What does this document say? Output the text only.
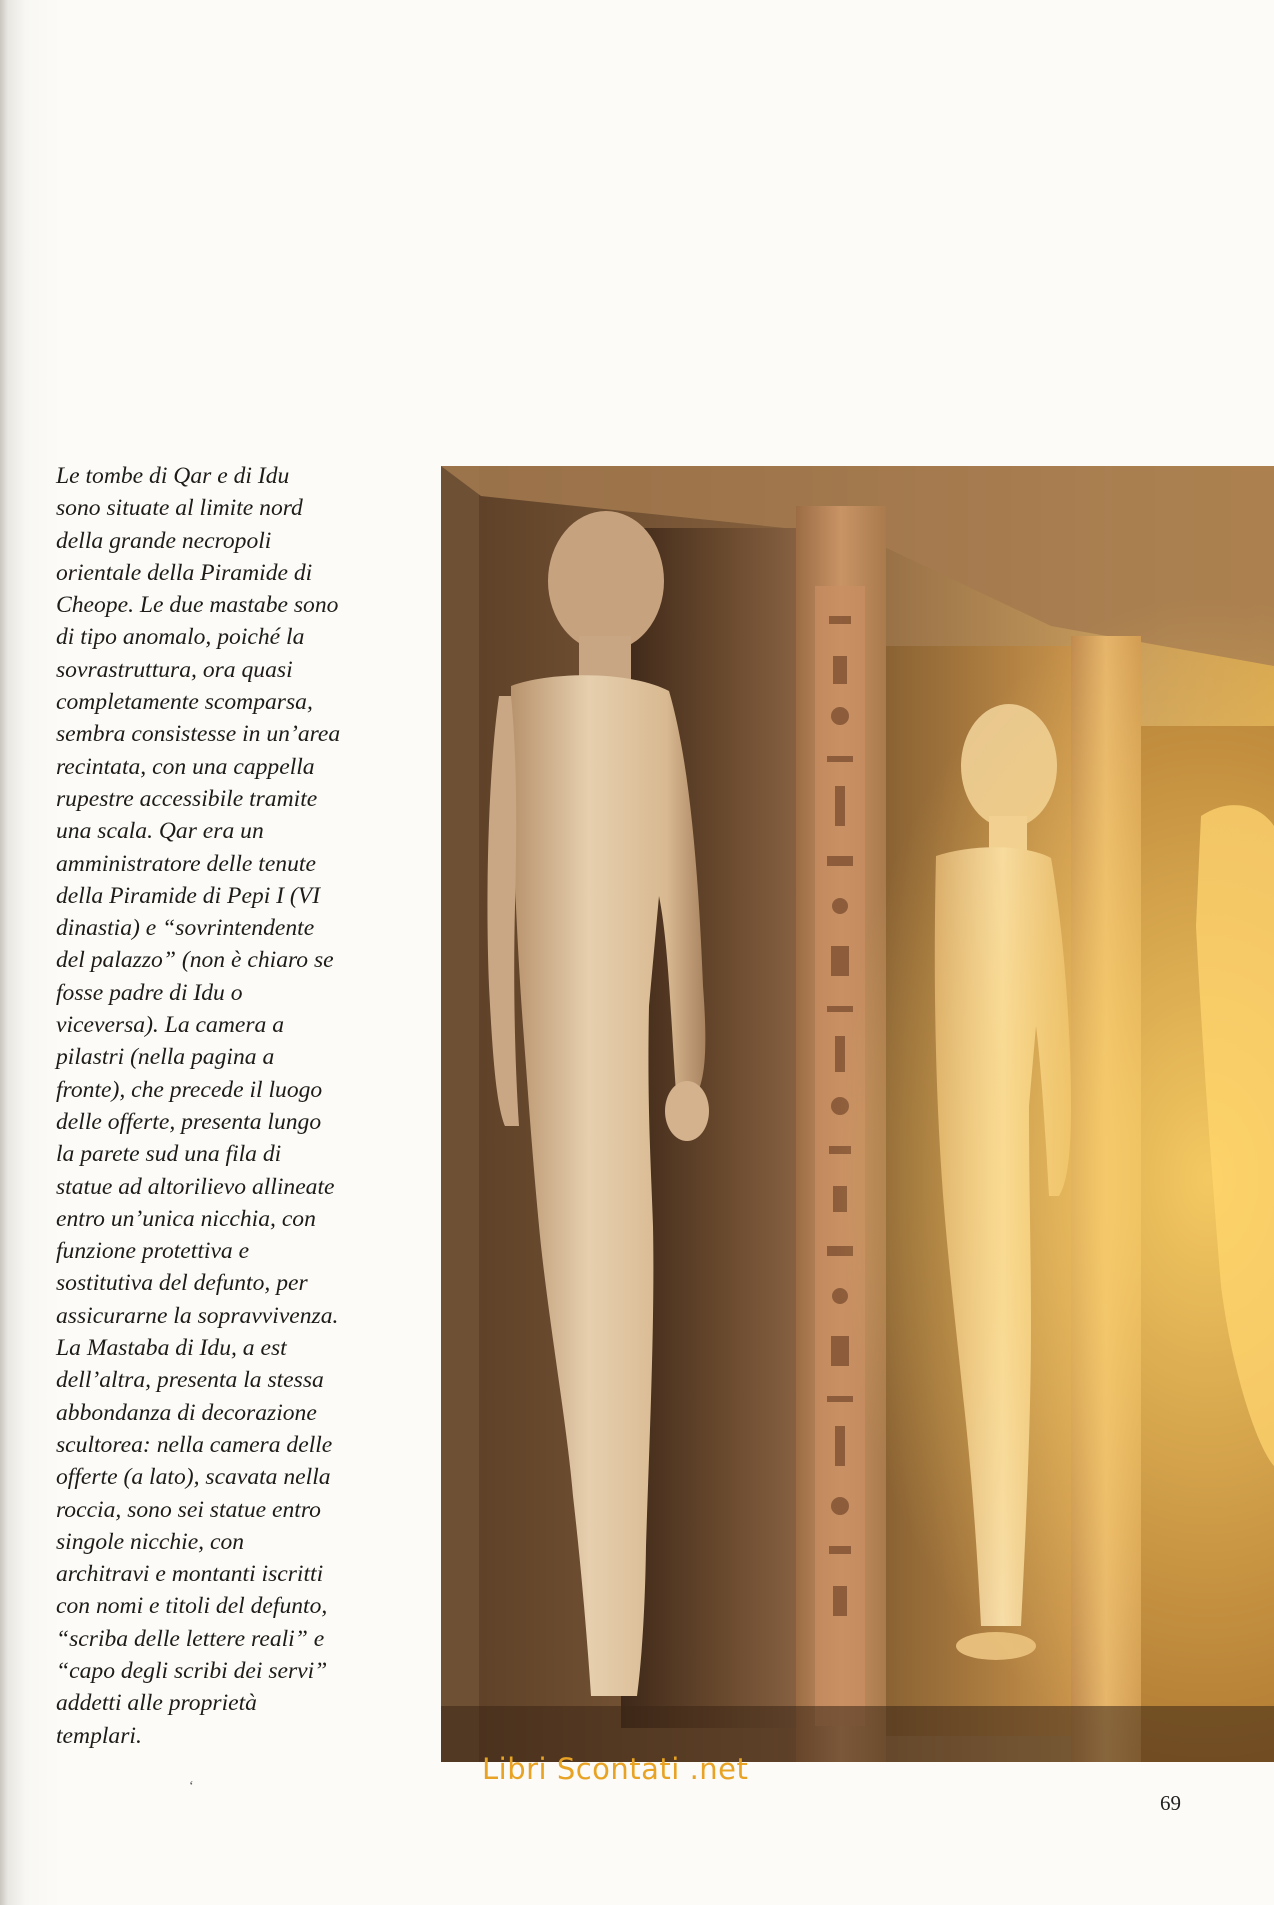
Le tombe di Qar e di Idu
sono situate al limite nord
della grande necropoli
orientale della Piramide di
Cheope. Le due mastabe sono
di tipo anomalo, poiché la
sovrastruttura, ora quasi
completamente scomparsa,
sembra consistesse in un’area
recintata, con una cappella
rupestre accessibile tramite
una scala. Qar era un
amministratore delle tenute
della Piramide di Pepi I (VI
dinastia) e “sovrintendente
del palazzo” (non è chiaro se
fosse padre di Idu o
viceversa). La camera a
pilastri (nella pagina a
fronte), che precede il luogo
delle offerte, presenta lungo
la parete sud una fila di
statue ad altorilievo allineate
entro un’unica nicchia, con
funzione protettiva e
sostitutiva del defunto, per
assicurarne la sopravvivenza.
La Mastaba di Idu, a est
dell’altra, presenta la stessa
abbondanza di decorazione
scultorea: nella camera delle
offerte (a lato), scavata nella
roccia, sono sei statue entro
singole nicchie, con
architravi e montanti iscritti
con nomi e titoli del defunto,
“scriba delle lettere reali” e
“capo degli scribi dei servi”
addetti alle proprietà
templari.
Libri Scontati .net
‘
69
